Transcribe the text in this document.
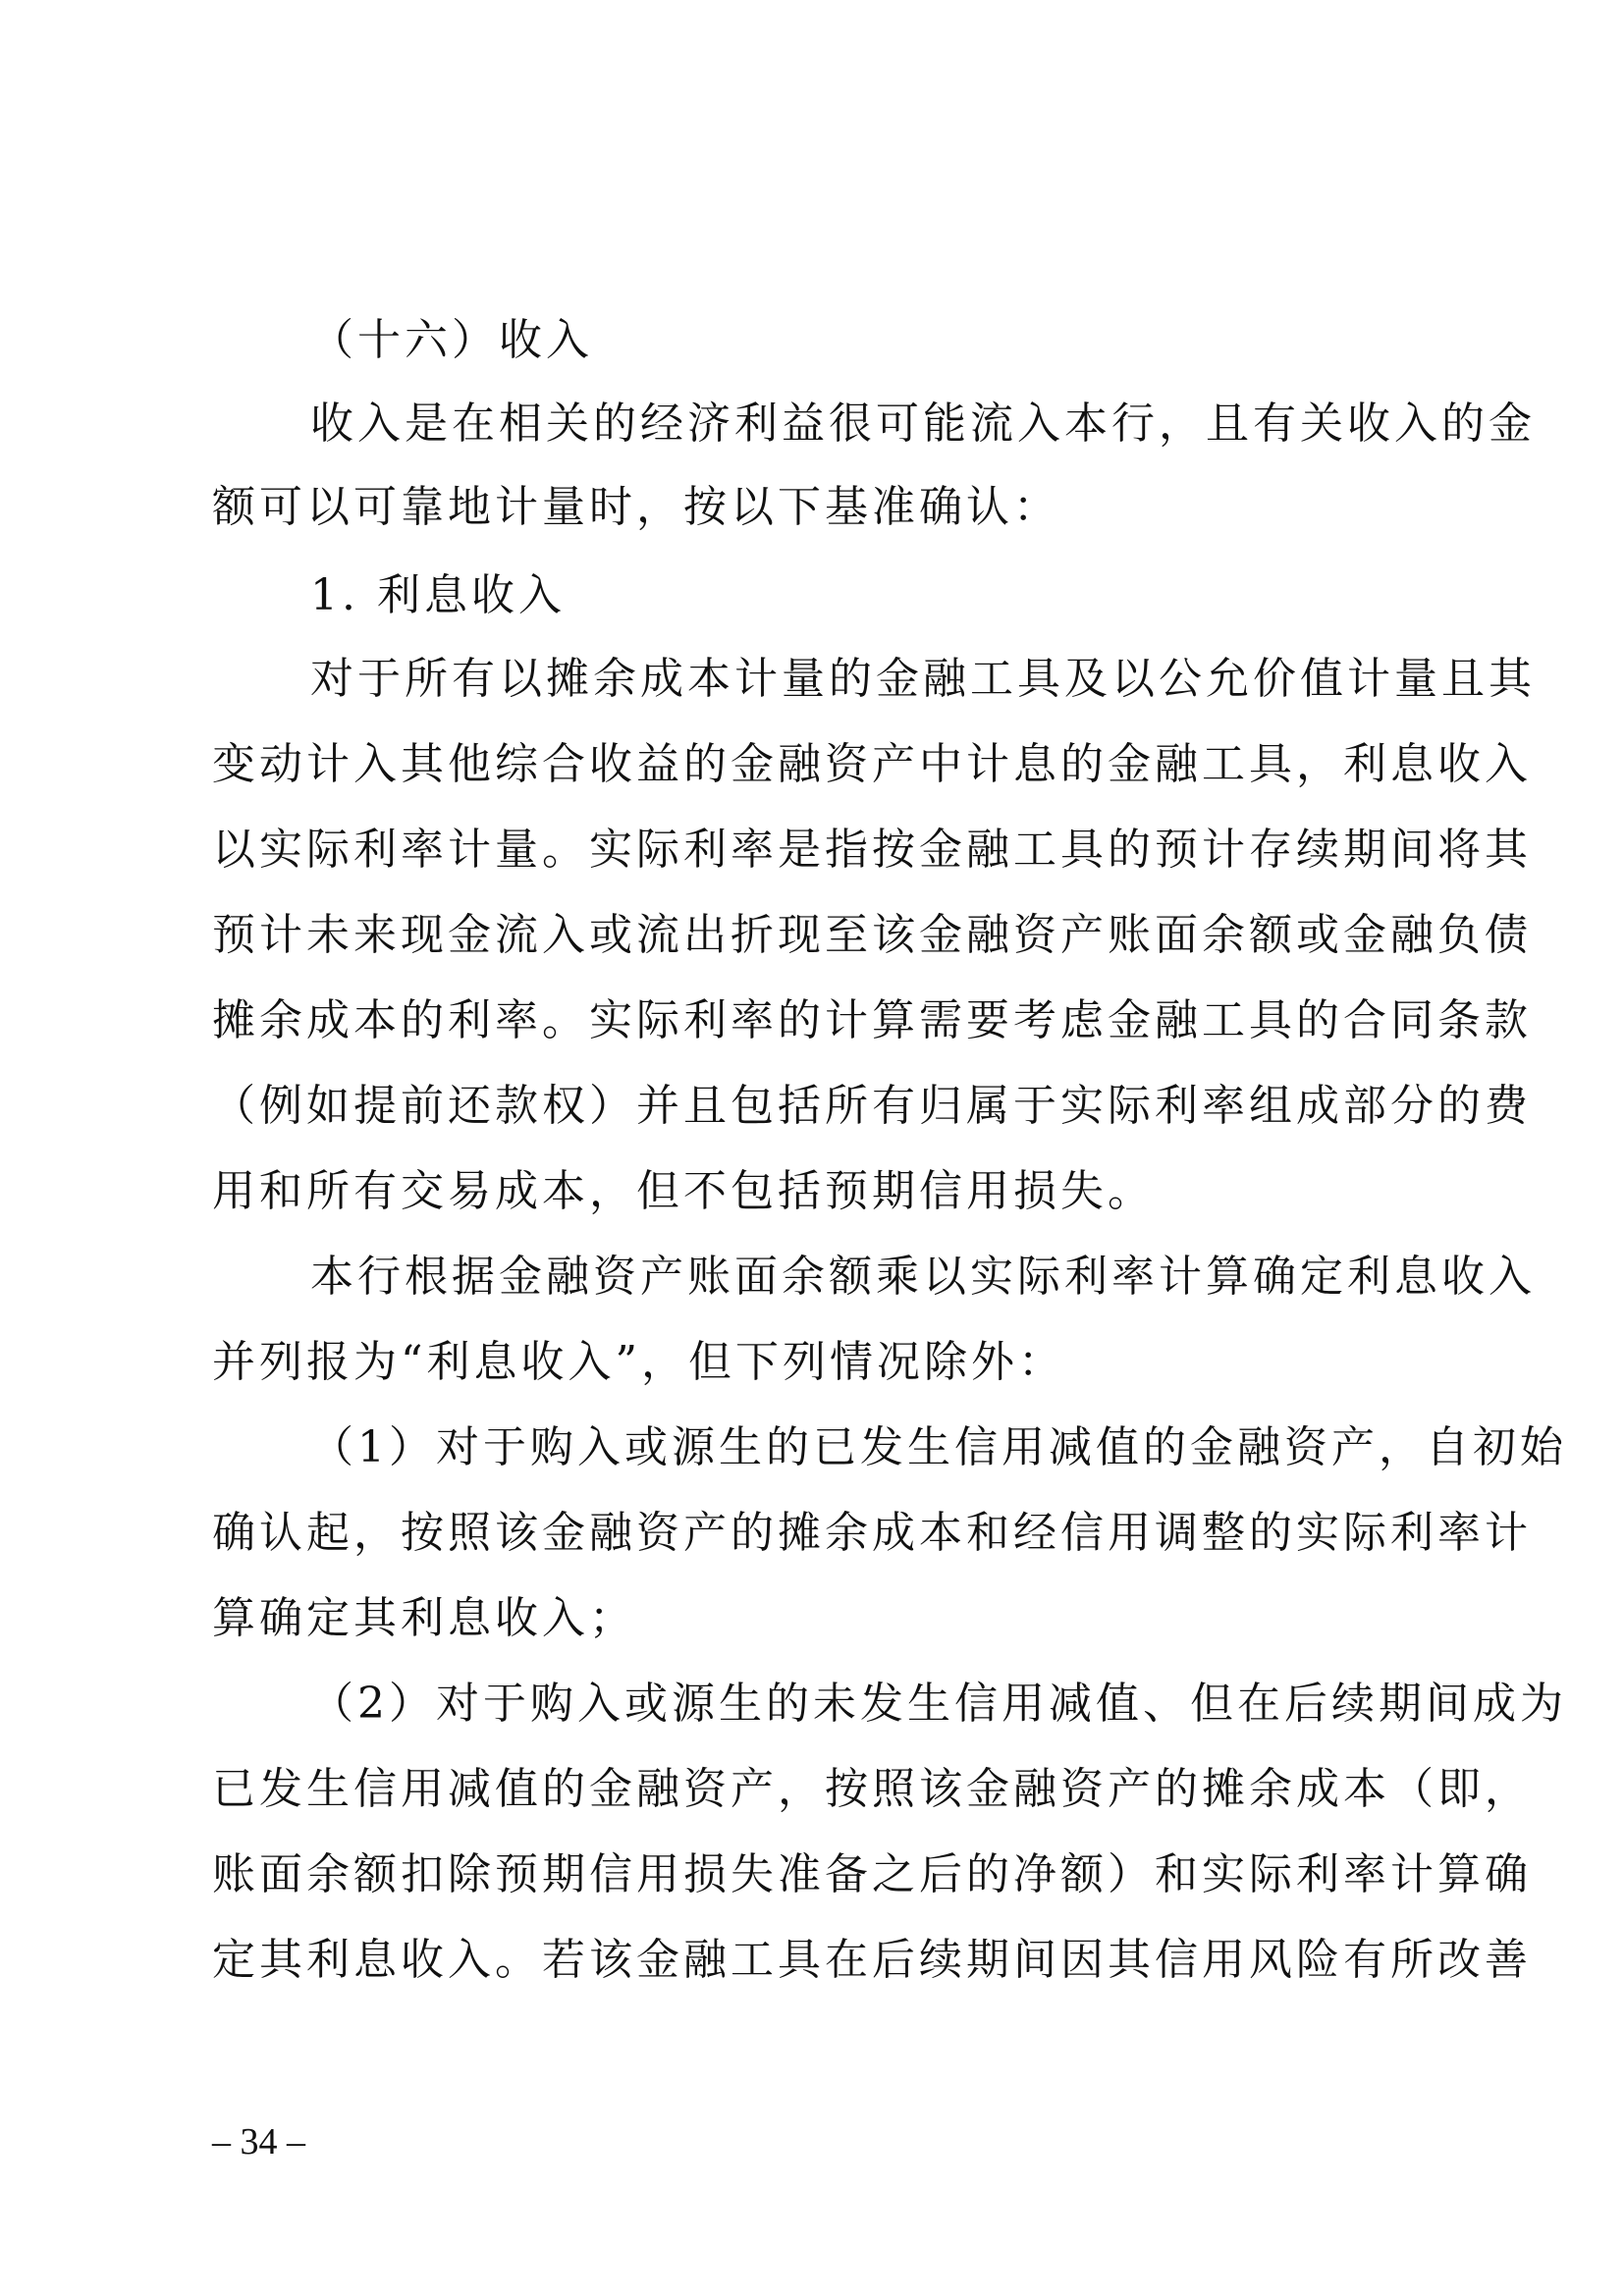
（十六）收入
收入是在相关的经济利益很可能流入本行，且有关收入的金
额可以可靠地计量时，按以下基准确认：
1. 利息收入
对于所有以摊余成本计量的金融工具及以公允价值计量且其
变动计入其他综合收益的金融资产中计息的金融工具，利息收入
以实际利率计量。实际利率是指按金融工具的预计存续期间将其
预计未来现金流入或流出折现至该金融资产账面余额或金融负债
摊余成本的利率。实际利率的计算需要考虑金融工具的合同条款
（例如提前还款权）并且包括所有归属于实际利率组成部分的费
用和所有交易成本，但不包括预期信用损失。
本行根据金融资产账面余额乘以实际利率计算确定利息收入
并列报为“利息收入”，但下列情况除外：
（1）对于购入或源生的已发生信用减值的金融资产，自初始
确认起，按照该金融资产的摊余成本和经信用调整的实际利率计
算确定其利息收入；
（2）对于购入或源生的未发生信用减值、但在后续期间成为
已发生信用减值的金融资产，按照该金融资产的摊余成本（即，
账面余额扣除预期信用损失准备之后的净额）和实际利率计算确
定其利息收入。若该金融工具在后续期间因其信用风险有所改善
– 34 –
